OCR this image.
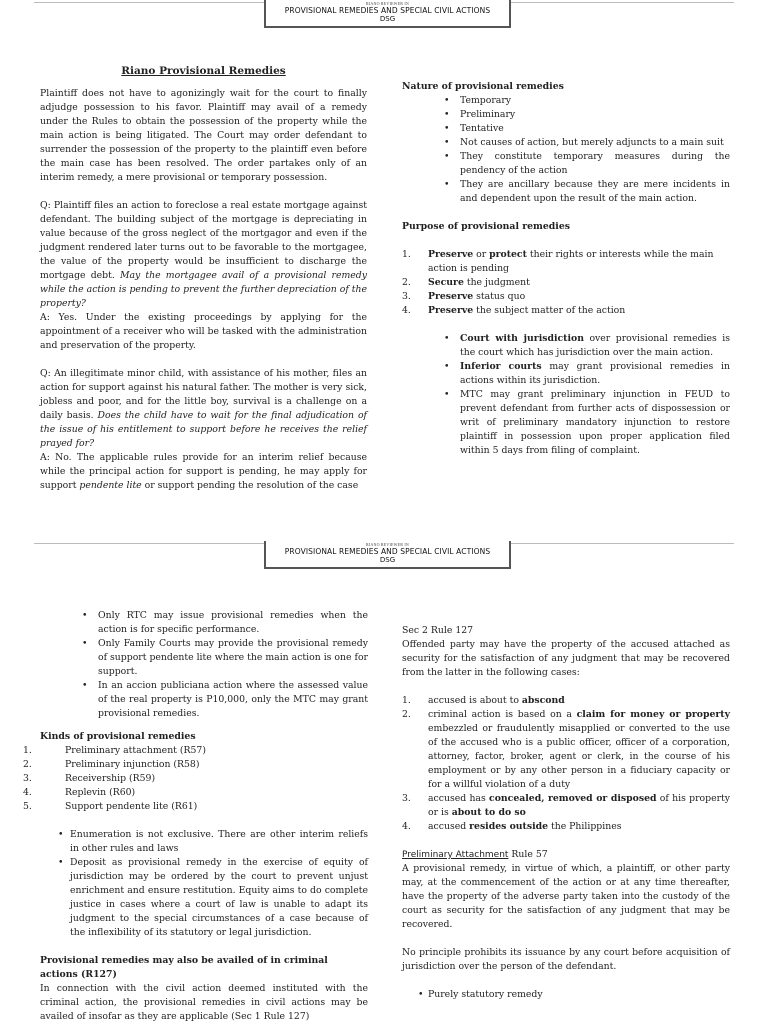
RIANO REVIEWER IN
PROVISIONAL REMEDIES AND SPECIAL CIVIL ACTIONS
DSG
Riano Provisional Remedies

Plaintiff does not have to agonizingly wait for the court to finally adjudge possession to his favor. Plaintiff may avail of a remedy under the Rules to obtain the possession of the property while the main action is being litigated. The Court may order defendant to surrender the possession of the property to the plaintiff even before the main case has been resolved. The order partakes only of an interim remedy, a mere provisional or temporary possession.

Q: Plaintiff files an action to foreclose a real estate mortgage against defendant. The building subject of the mortgage is depreciating in value because of the gross neglect of the mortgagor and even if the judgment rendered later turns out to be favorable to the mortgagee, the value of the property would be insufficient to discharge the mortgage debt. May the mortgagee avail of a provisional remedy while the action is pending to prevent the further depreciation of the property?

A: Yes. Under the existing proceedings by applying for the appointment of a receiver who will be tasked with the administration and preservation of the property.

Q: An illegitimate minor child, with assistance of his mother, files an action for support against his natural father. The mother is very sick, jobless and poor, and for the little boy, survival is a challenge on a daily basis. Does the child have to wait for the final adjudication of the issue of his entitlement to support before he receives the relief prayed for?

A: No. The applicable rules provide for an interim relief because while the principal action for support is pending, he may apply for support pendente lite or support pending the resolution of the case

Nature of provisional remedies
• Temporary
• Preliminary
• Tentative
• Not causes of action, but merely adjuncts to a main suit
• They constitute temporary measures during the pendency of the action
• They are ancillary because they are mere incidents in and dependent upon the result of the main action.
Purpose of provisional remedies
1. Preserve or protect their rights or interests while the main action is pending
2. Secure the judgment
3. Preserve status quo
4. Preserve the subject matter of the action
• Court with jurisdiction over provisional remedies is the court which has jurisdiction over the main action.
• Inferior courts may grant provisional remedies in actions within its jurisdiction.
• MTC may grant preliminary injunction in FEUD to prevent defendant from further acts of dispossession or writ of preliminary mandatory injunction to restore plaintiff in possession upon proper application filed within 5 days from filing of complaint.
RIANO REVIEWER IN
PROVISIONAL REMEDIES AND SPECIAL CIVIL ACTIONS
DSG
• Only RTC may issue provisional remedies when the action is for specific performance.
• Only Family Courts may provide the provisional remedy of support pendente lite where the main action is one for support.
• In an accion publiciana action where the assessed value of the real property is P10,000, only the MTC may grant provisional remedies.
Kinds of provisional remedies
1.	Preliminary attachment (R57)
2.	Preliminary injunction (R58)
3.	Receivership (R59)
4.	Replevin (R60)
5.	Support pendente lite (R61)
• Enumeration is not exclusive. There are other interim reliefs in other rules and laws
• Deposit as provisional remedy in the exercise of equity of jurisdiction may be ordered by the court to prevent unjust enrichment and ensure restitution. Equity aims to do complete justice in cases where a court of law is unable to adapt its judgment to the special circumstances of a case because of the inflexibility of its statutory or legal jurisdiction.
Provisional remedies may also be availed of in criminal actions (R127)

In connection with the civil action deemed instituted with the criminal action, the provisional remedies in civil actions may be availed of insofar as they are applicable (Sec 1 Rule 127)

Sec 2 Rule 127

Offended party may have the property of the accused attached as security for the satisfaction of any judgment that may be recovered from the latter in the following cases:

1. accused is about to abscond
2. criminal action is based on a claim for money or property embezzled or fraudulently misapplied or converted to the use of the accused who is a public officer, officer of a corporation, attorney, factor, broker, agent or clerk, in the course of his employment or by any other person in a fiduciary capacity or for a willful violation of a duty
3. accused has concealed, removed or disposed of his property or is about to do so
4. accused resides outside the Philippines
Preliminary Attachment Rule 57

A provisional remedy, in virtue of which, a plaintiff, or other party may, at the commencement of the action or at any time thereafter, have the property of the adverse party taken into the custody of the court as security for the satisfaction of any judgment that may be recovered.

No principle prohibits its issuance by any court before acquisition of jurisdiction over the person of the defendant.

• Purely statutory remedy
